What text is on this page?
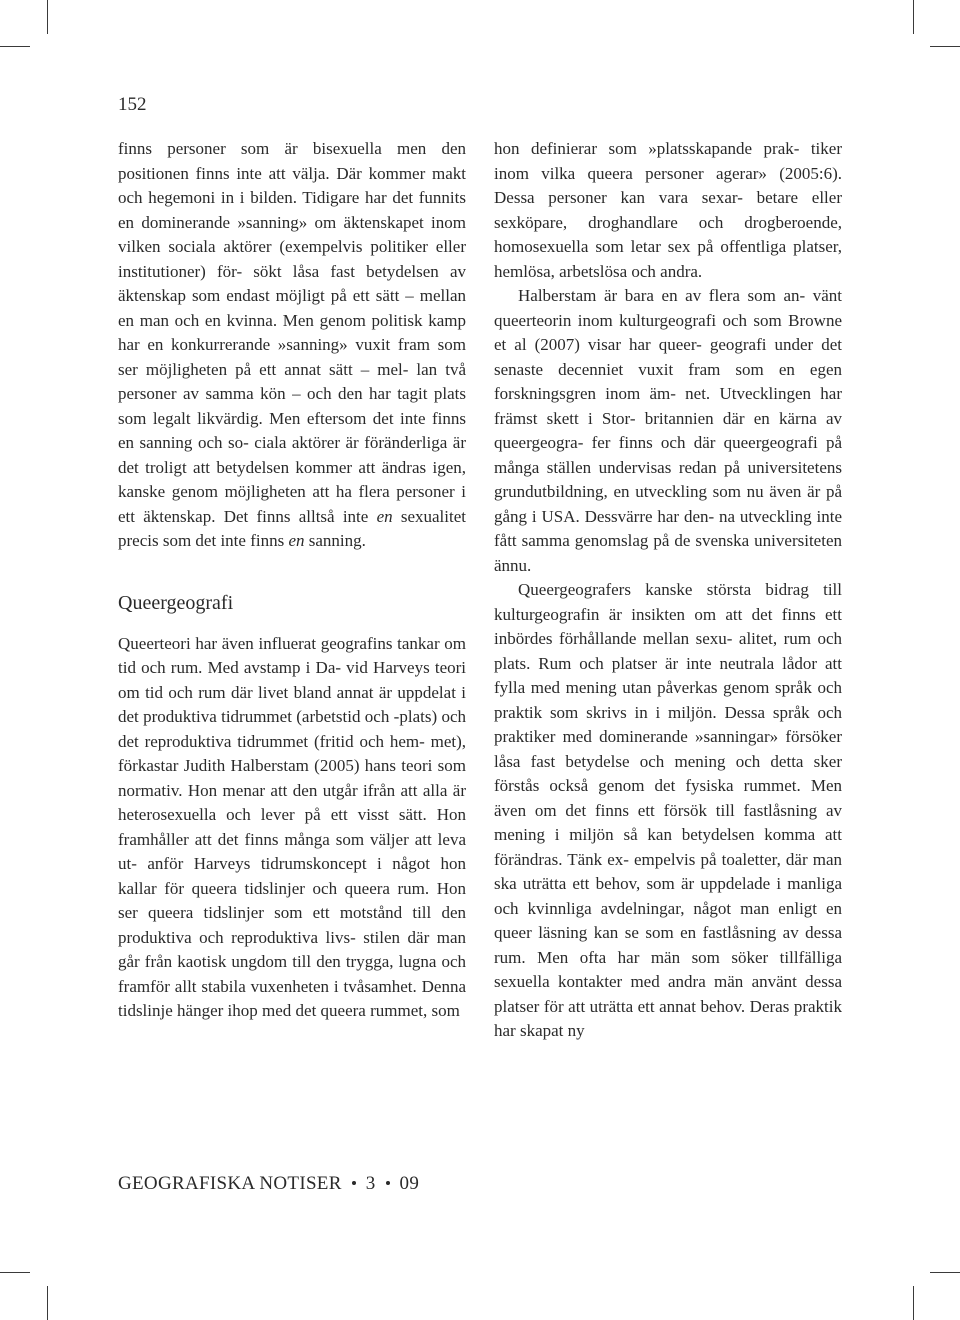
152

finns personer som är bisexuella men den positionen finns inte att välja. Där kommer makt och hegemoni in i bilden. Tidigare har det funnits en dominerande »sanning» om äktenskapet inom vilken sociala aktörer (exempelvis politiker eller institutioner) för- sökt låsa fast betydelsen av äktenskap som endast möjligt på ett sätt – mellan en man och en kvinna. Men genom politisk kamp har en konkurrerande »sanning» vuxit fram som ser möjligheten på ett annat sätt – mel- lan två personer av samma kön – och den har tagit plats som legalt likvärdig. Men eftersom det inte finns en sanning och so- ciala aktörer är föränderliga är det troligt att betydelsen kommer att ändras igen, kanske genom möjligheten att ha flera personer i ett äktenskap. Det finns alltså inte en sexualitet precis som det inte finns en sanning.

Queergeografi

Queerteori har även influerat geografins tankar om tid och rum. Med avstamp i Da- vid Harveys teori om tid och rum där livet bland annat är uppdelat i det produktiva tidrummet (arbetstid och -plats) och det reproduktiva tidrummet (fritid och hem- met), förkastar Judith Halberstam (2005) hans teori som normativ. Hon menar att den utgår ifrån att alla är heterosexuella och lever på ett visst sätt. Hon framhåller att det finns många som väljer att leva ut- anför Harveys tidrumskoncept i något hon kallar för queera tidslinjer och queera rum. Hon ser queera tidslinjer som ett motstånd till den produktiva och reproduktiva livs- stilen där man går från kaotisk ungdom till den trygga, lugna och framför allt stabila vuxenheten i tvåsamhet. Denna tidslinje hänger ihop med det queera rummet, som

hon definierar som »platsskapande prak- tiker inom vilka queera personer agerar» (2005:6). Dessa personer kan vara sexar- betare eller sexköpare, droghandlare och drogberoende, homosexuella som letar sex på offentliga platser, hemlösa, arbetslösa och andra.

Halberstam är bara en av flera som an- vänt queerteorin inom kulturgeografi och som Browne et al (2007) visar har queer- geografi under det senaste decenniet vuxit fram som en egen forskningsgren inom äm- net. Utvecklingen har främst skett i Stor- britannien där en kärna av queergeogra- fer finns och där queergeografi på många ställen undervisas redan på universitetens grundutbildning, en utveckling som nu även är på gång i USA. Dessvärre har den- na utveckling inte fått samma genomslag på de svenska universiteten ännu.

Queergeografers kanske största bidrag till kulturgeografin är insikten om att det finns ett inbördes förhållande mellan sexu- alitet, rum och plats. Rum och platser är inte neutrala lådor att fylla med mening utan påverkas genom språk och praktik som skrivs in i miljön. Dessa språk och praktiker med dominerande »sanningar» försöker låsa fast betydelse och mening och detta sker förstås också genom det fysiska rummet. Men även om det finns ett försök till fastlåsning av mening i miljön så kan betydelsen komma att förändras. Tänk ex- empelvis på toaletter, där man ska uträtta ett behov, som är uppdelade i manliga och kvinnliga avdelningar, något man enligt en queer läsning kan se som en fastlåsning av dessa rum. Men ofta har män som söker tillfälliga sexuella kontakter med andra män använt dessa platser för att uträtta ett annat behov. Deras praktik har skapat ny

GEOGRAFISKA NOTISER 3 09
